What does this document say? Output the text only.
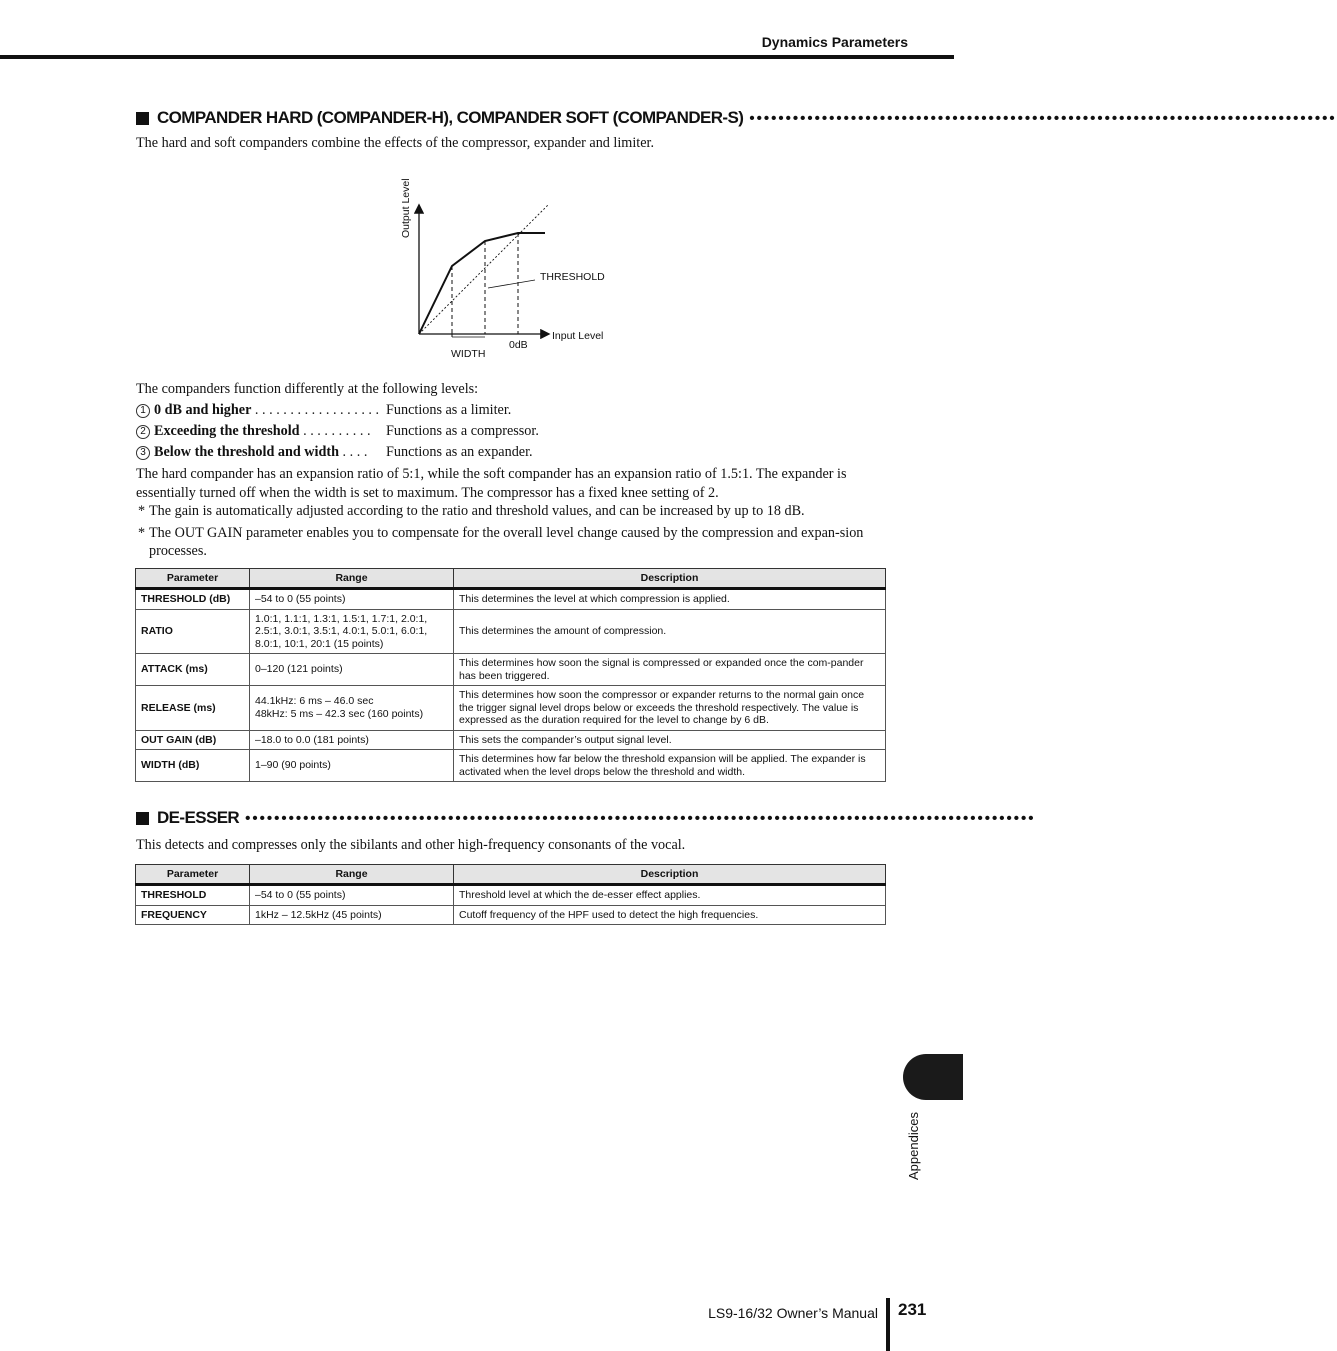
Dynamics Parameters
COMPANDER HARD (COMPANDER-H), COMPANDER SOFT (COMPANDER-S) •••••••••••••••••••••••••••••••••••••••••••••••••••••••••••••••••••••••••••••••••
The hard and soft companders combine the effects of the compressor, expander and limiter.
Output Level
Input Level
THRESHOLD
WIDTH
0dB
The companders function differently at the following levels:
1 0 dB and higher . . . . . . . . . . . . . . . . . . Functions as a limiter.
2 Exceeding the threshold . . . . . . . . . . Functions as a compressor.
3 Below the threshold and width . . . . Functions as an expander.
The hard compander has an expansion ratio of 5:1, while the soft compander has an expansion ratio of 1.5:1. The expander is essentially turned off when the width is set to maximum. The compressor has a fixed knee setting of 2.
* The gain is automatically adjusted according to the ratio and threshold values, and can be increased by up to 18 dB.
* The OUT GAIN parameter enables you to compensate for the overall level change caused by the compression and expan-sion processes.
Parameter	Range	Description
THRESHOLD (dB)	–54 to 0 (55 points)	This determines the level at which compression is applied.
RATIO	1.0:1, 1.1:1, 1.3:1, 1.5:1, 1.7:1, 2.0:1, 2.5:1, 3.0:1, 3.5:1, 4.0:1, 5.0:1, 6.0:1, 8.0:1, 10:1, 20:1 (15 points)	This determines the amount of compression.
ATTACK (ms)	0–120 (121 points)	This determines how soon the signal is compressed or expanded once the com-pander has been triggered.
RELEASE (ms)	44.1kHz: 6 ms – 46.0 sec
48kHz: 5 ms – 42.3 sec (160 points)	This determines how soon the compressor or expander returns to the normal gain once the trigger signal level drops below or exceeds the threshold respectively. The value is expressed as the duration required for the level to change by 6 dB.
OUT GAIN (dB)	–18.0 to 0.0 (181 points)	This sets the compander’s output signal level.
WIDTH (dB)	1–90 (90 points)	This determines how far below the threshold expansion will be applied. The expander is activated when the level drops below the threshold and width.
DE-ESSER •••••••••••••••••••••••••••••••••••••••••••••••••••••••••••••••••••••••••••••••••••••••••••••••••••••••••••••
This detects and compresses only the sibilants and other high-frequency consonants of the vocal.
Parameter	Range	Description
THRESHOLD	–54 to 0 (55 points)	Threshold level at which the de-esser effect applies.
FREQUENCY	1kHz – 12.5kHz (45 points)	Cutoff frequency of the HPF used to detect the high frequencies.
Appendices
LS9-16/32 Owner’s Manual 231
